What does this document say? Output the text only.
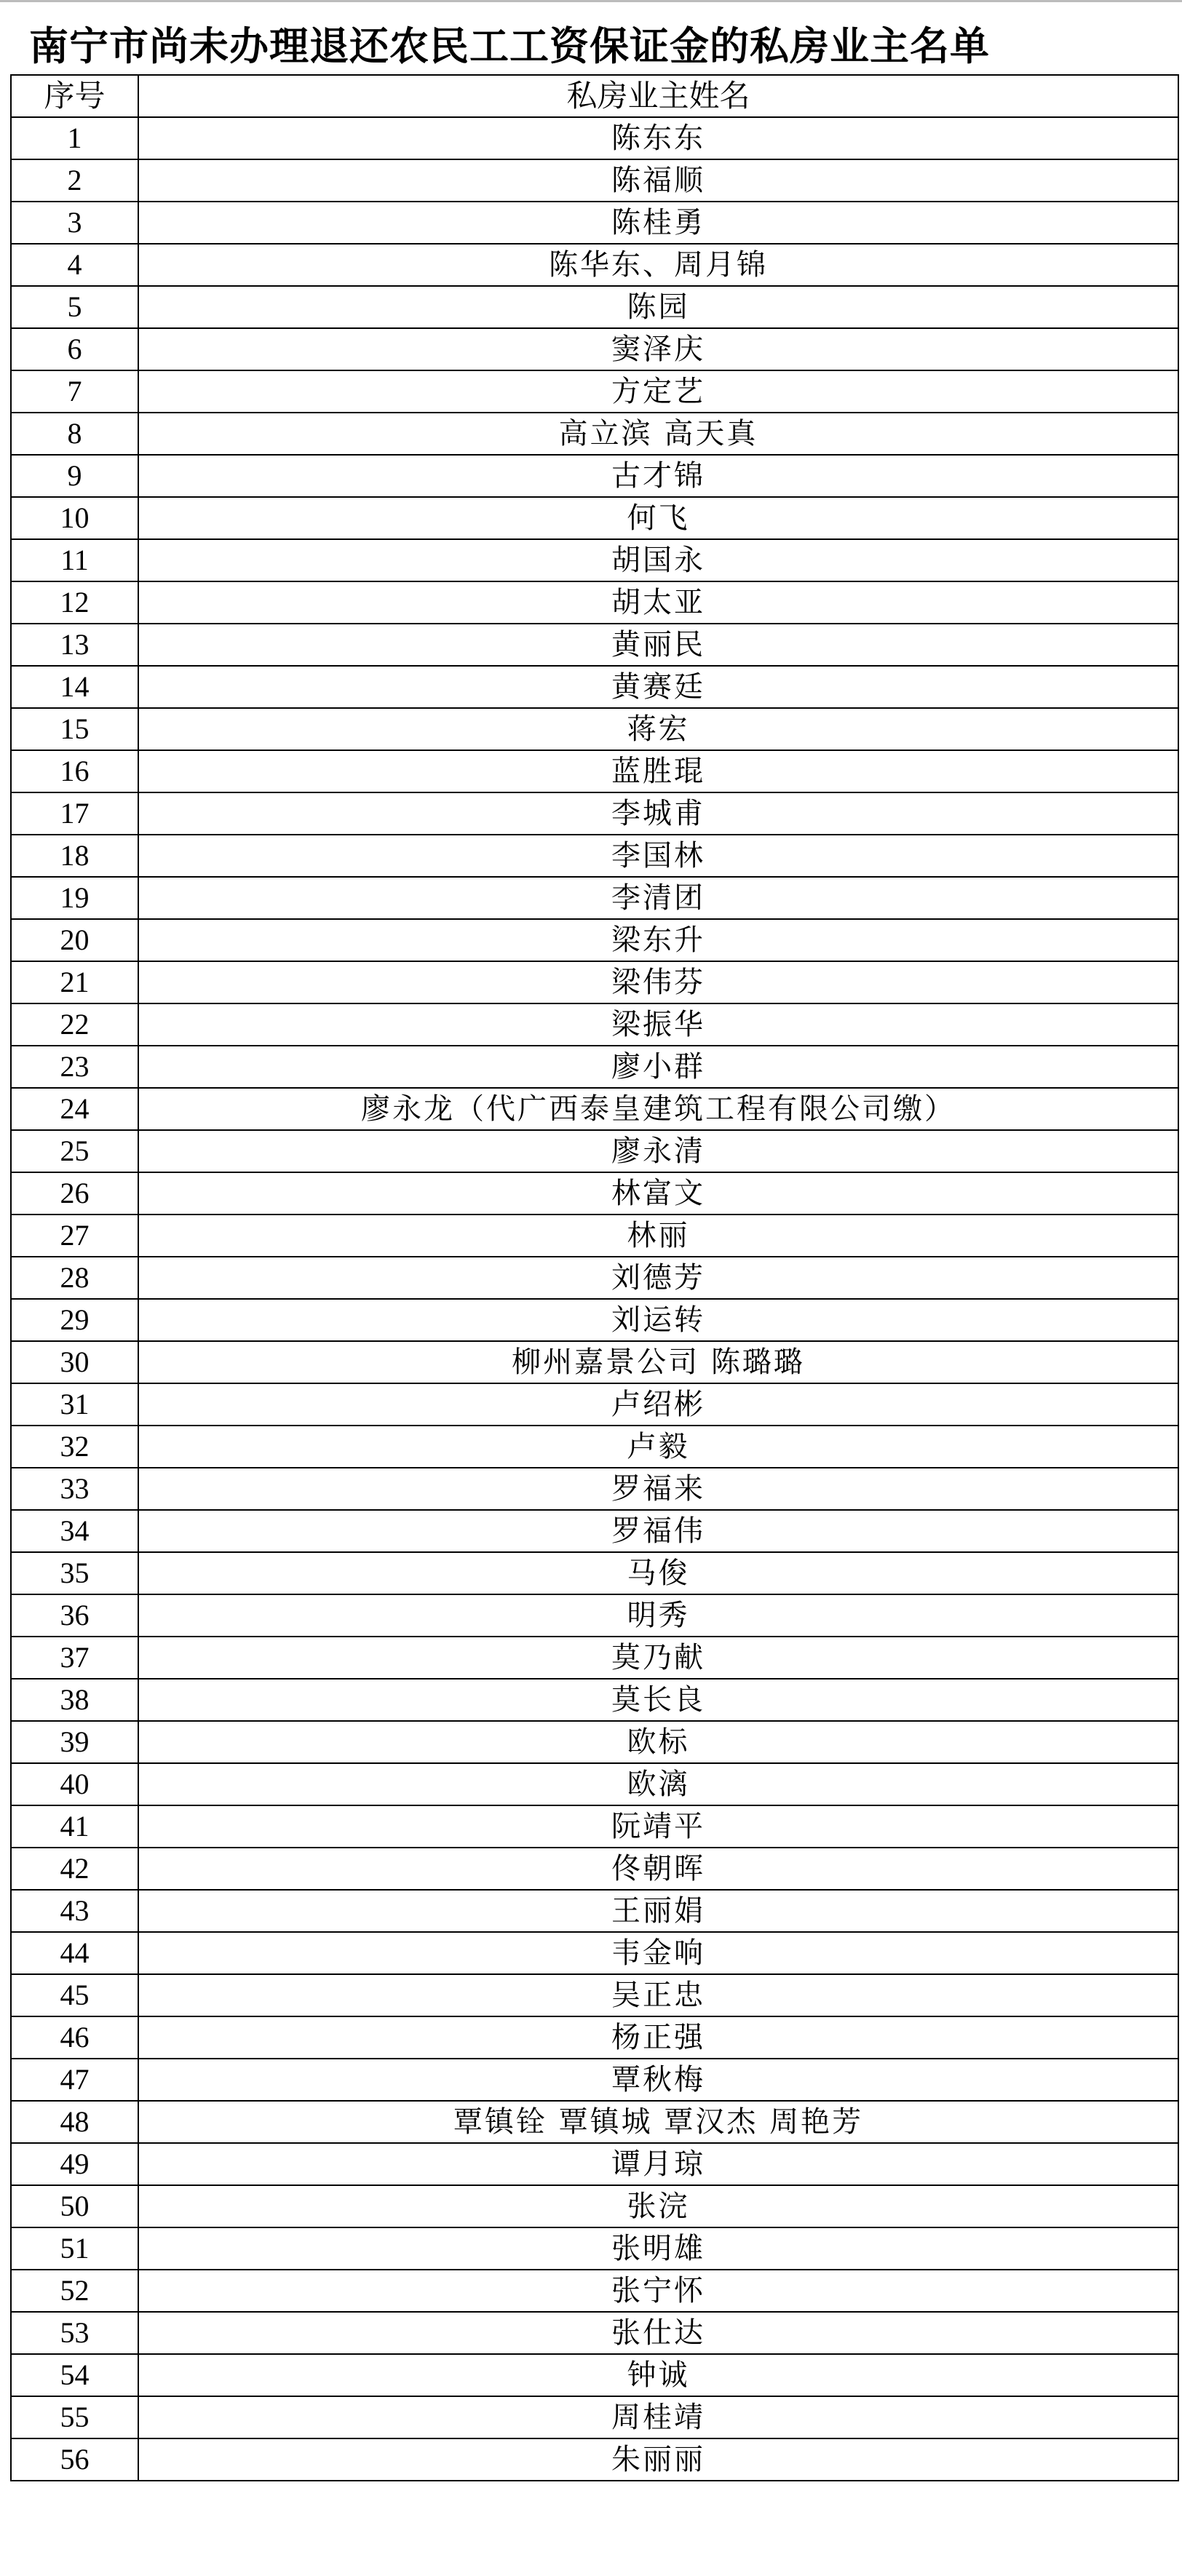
南宁市尚未办理退还农民工工资保证金的私房业主名单
序号	私房业主姓名
1	陈东东
2	陈福顺
3	陈桂勇
4	陈华东、周月锦
5	陈园
6	窦泽庆
7	方定艺
8	高立滨 高天真
9	古才锦
10	何飞
11	胡国永
12	胡太亚
13	黄丽民
14	黄赛廷
15	蒋宏
16	蓝胜琨
17	李城甫
18	李国林
19	李清团
20	梁东升
21	梁伟芬
22	梁振华
23	廖小群
24	廖永龙（代广西泰皇建筑工程有限公司缴）
25	廖永清
26	林富文
27	林丽
28	刘德芳
29	刘运转
30	柳州嘉景公司 陈璐璐
31	卢绍彬
32	卢毅
33	罗福来
34	罗福伟
35	马俊
36	明秀
37	莫乃献
38	莫长良
39	欧标
40	欧漓
41	阮靖平
42	佟朝晖
43	王丽娟
44	韦金响
45	吴正忠
46	杨正强
47	覃秋梅
48	覃镇铨 覃镇城 覃汉杰 周艳芳
49	谭月琼
50	张浣
51	张明雄
52	张宁怀
53	张仕达
54	钟诚
55	周桂靖
56	朱丽丽
